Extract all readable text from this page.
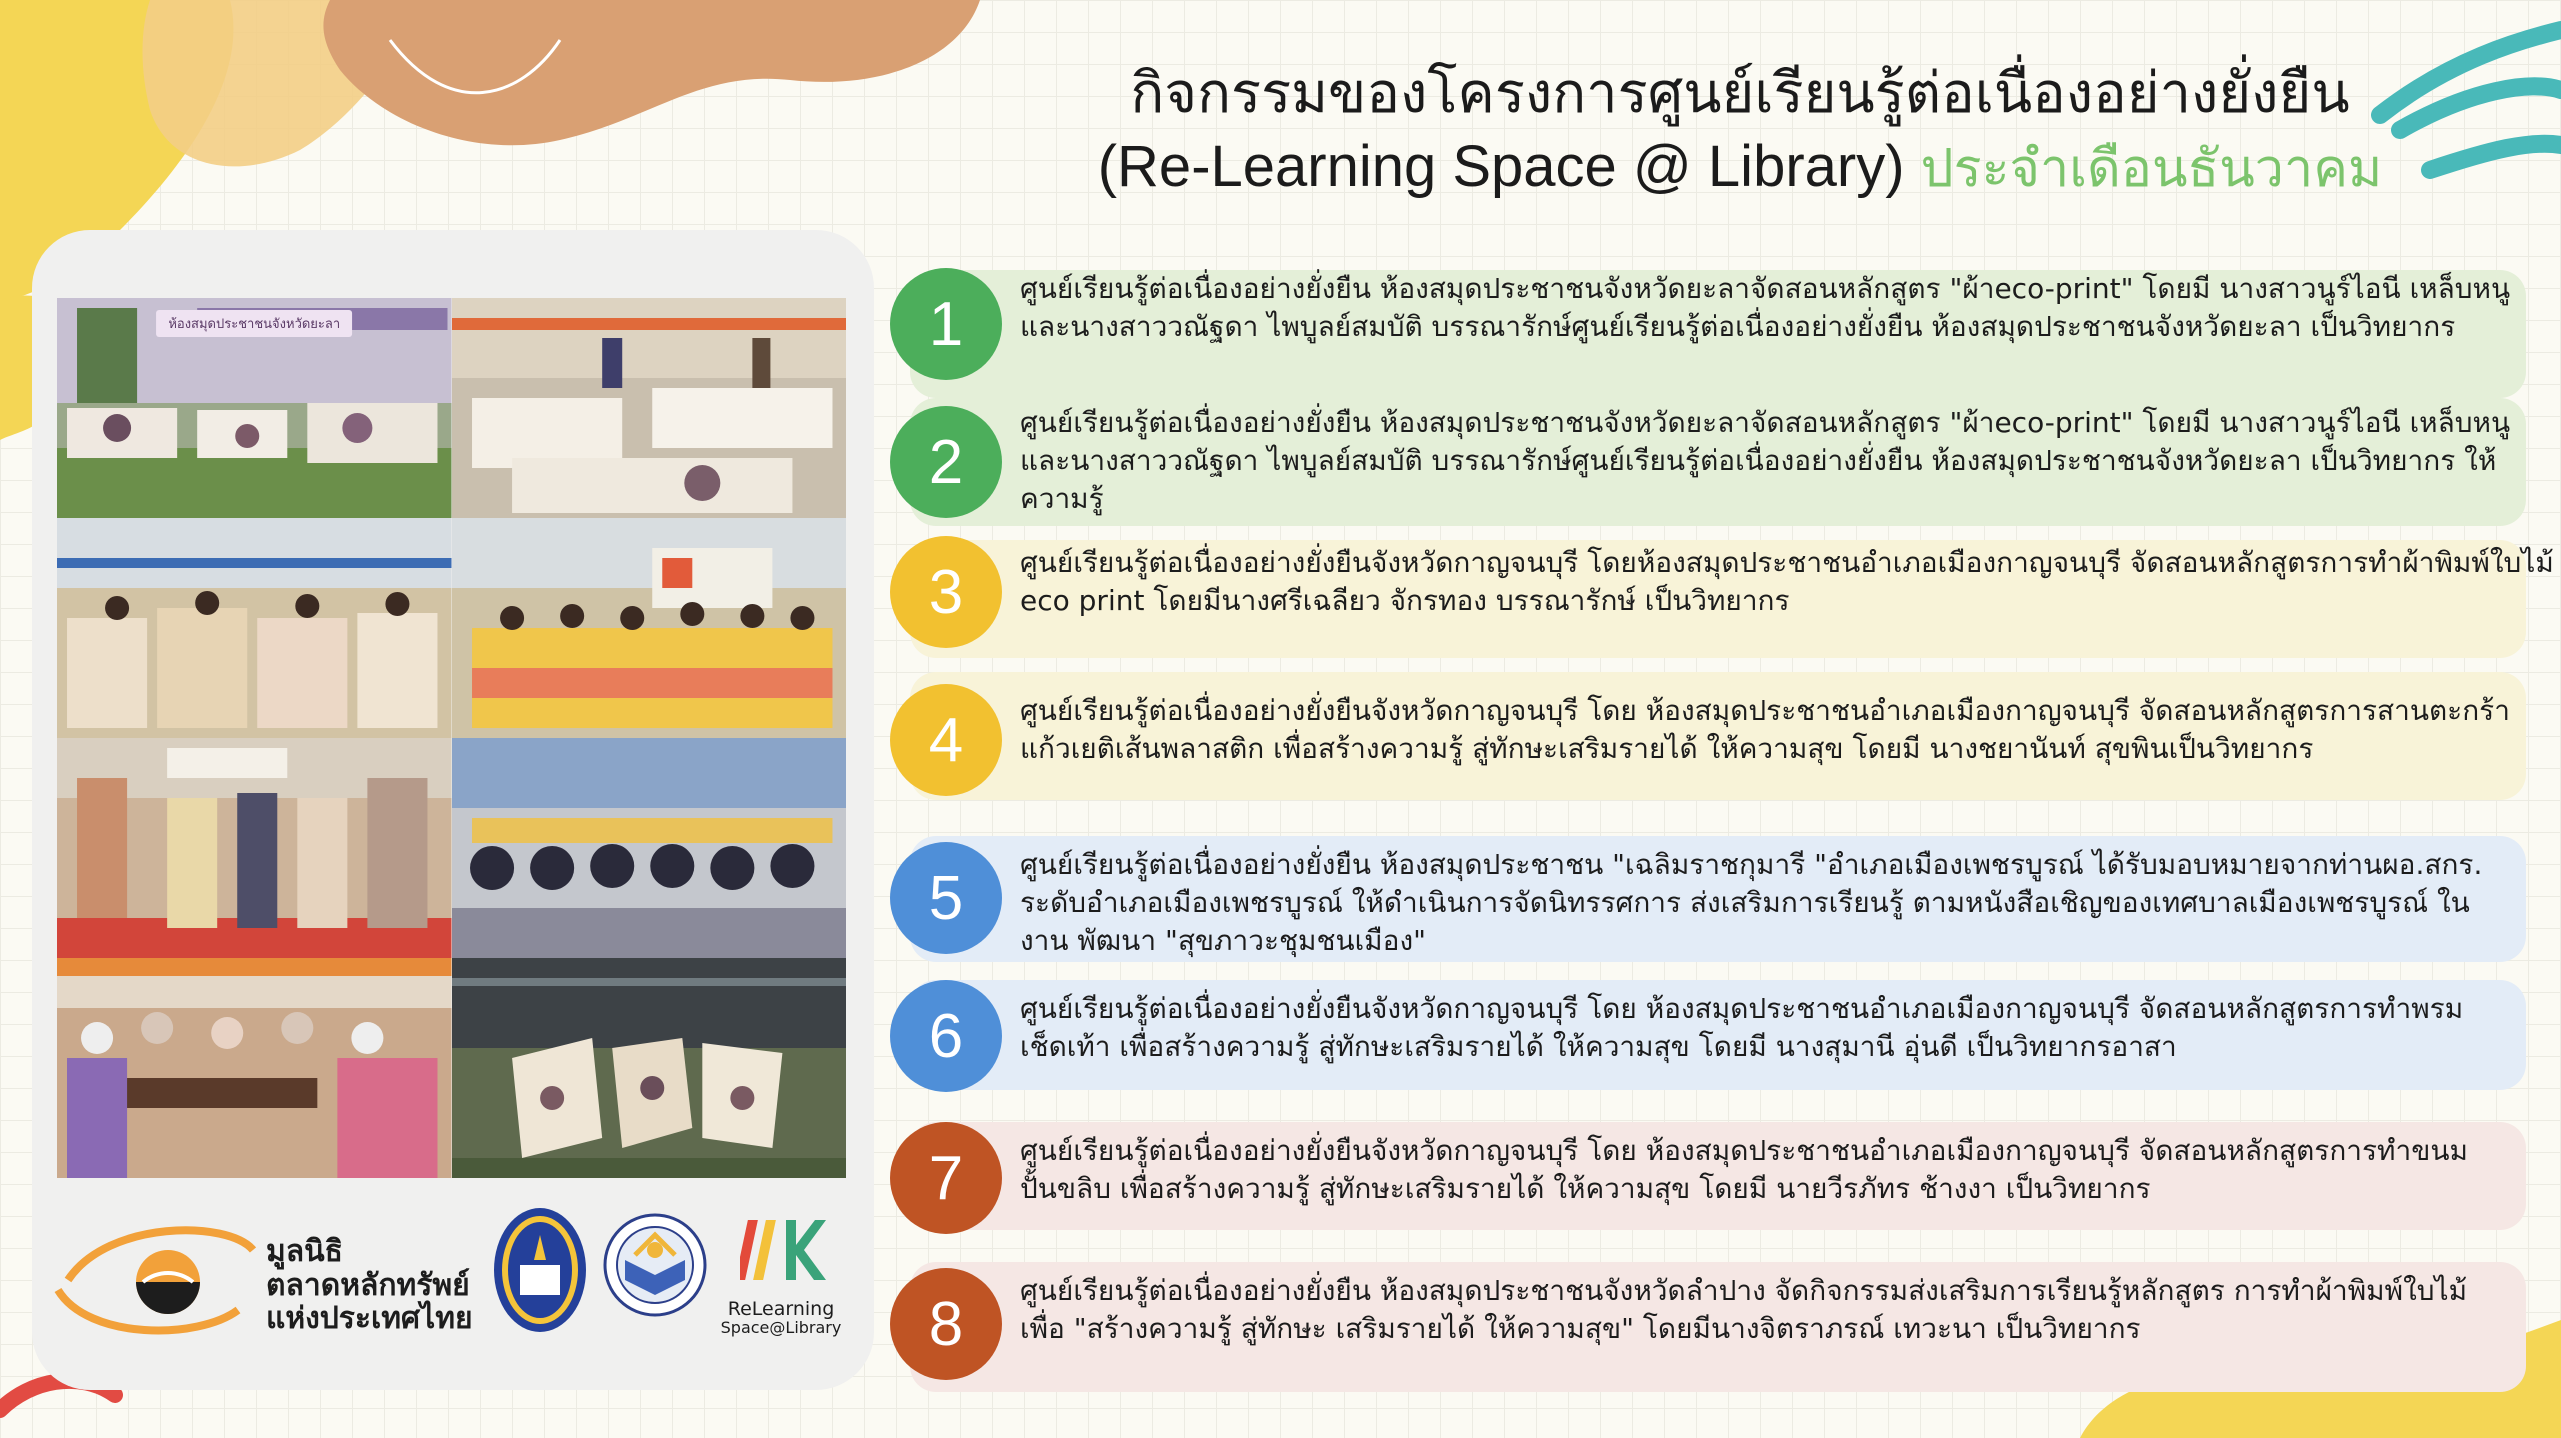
กิจกรรมของโครงการศูนย์เรียนรู้ต่อเนื่องอย่างยั่งยืน
(Re-Learning Space @ Library) ประจำเดือนธันวาคม
ห้องสมุดประชาชนจังหวัดยะลา
มูลนิธิ
ตลาดหลักทรัพย์
แห่งประเทศไทย	ReLearning
Space@Library
1
ศูนย์เรียนรู้ต่อเนื่องอย่างยั่งยืน ห้องสมุดประชาชนจังหวัดยะลาจัดสอนหลักสูตร "ผ้าeco-print" โดยมี นางสาวนูร์ไอนี เหล็บหนู
และนางสาววณัฐดา ไพบูลย์สมบัติ บรรณารักษ์ศูนย์เรียนรู้ต่อเนื่องอย่างยั่งยืน ห้องสมุดประชาชนจังหวัดยะลา เป็นวิทยากร
2
ศูนย์เรียนรู้ต่อเนื่องอย่างยั่งยืน ห้องสมุดประชาชนจังหวัดยะลาจัดสอนหลักสูตร "ผ้าeco-print" โดยมี นางสาวนูร์ไอนี เหล็บหนู
และนางสาววณัฐดา ไพบูลย์สมบัติ บรรณารักษ์ศูนย์เรียนรู้ต่อเนื่องอย่างยั่งยืน ห้องสมุดประชาชนจังหวัดยะลา เป็นวิทยากร ให้
ความรู้
3	ศูนย์เรียนรู้ต่อเนื่องอย่างยั่งยืนจังหวัดกาญจนบุรี โดยห้องสมุดประชาชนอำเภอเมืองกาญจนบุรี จัดสอนหลักสูตรการทำผ้าพิมพ์ใบไม้
eco print โดยมีนางศรีเฉลียว จักรทอง บรรณารักษ์ เป็นวิทยากร
4	ศูนย์เรียนรู้ต่อเนื่องอย่างยั่งยืนจังหวัดกาญจนบุรี โดย ห้องสมุดประชาชนอำเภอเมืองกาญจนบุรี จัดสอนหลักสูตรการสานตะกร้า
แก้วเยติเส้นพลาสติก เพื่อสร้างความรู้ สู่ทักษะเสริมรายได้ ให้ความสุข โดยมี นางชยานันท์ สุขพินเป็นวิทยากร
5	ศูนย์เรียนรู้ต่อเนื่องอย่างยั่งยืน ห้องสมุดประชาชน "เฉลิมราชกุมารี "อำเภอเมืองเพชรบูรณ์ ได้รับมอบหมายจากท่านผอ.สกร.
ระดับอำเภอเมืองเพชรบูรณ์ ให้ดำเนินการจัดนิทรรศการ ส่งเสริมการเรียนรู้ ตามหนังสือเชิญของเทศบาลเมืองเพชรบูรณ์ ใน
งาน พัฒนา "สุขภาวะชุมชนเมือง"
6	ศูนย์เรียนรู้ต่อเนื่องอย่างยั่งยืนจังหวัดกาญจนบุรี โดย ห้องสมุดประชาชนอำเภอเมืองกาญจนบุรี จัดสอนหลักสูตรการทำพรม
เช็ดเท้า เพื่อสร้างความรู้ สู่ทักษะเสริมรายได้ ให้ความสุข โดยมี นางสุมานี อุ่นดี เป็นวิทยากรอาสา
7	ศูนย์เรียนรู้ต่อเนื่องอย่างยั่งยืนจังหวัดกาญจนบุรี โดย ห้องสมุดประชาชนอำเภอเมืองกาญจนบุรี จัดสอนหลักสูตรการทำขนม
ปั้นขลิบ เพื่อสร้างความรู้ สู่ทักษะเสริมรายได้ ให้ความสุข โดยมี นายวีรภัทร ช้างงา เป็นวิทยากร
8	ศูนย์เรียนรู้ต่อเนื่องอย่างยั่งยืน ห้องสมุดประชาชนจังหวัดลำปาง จัดกิจกรรมส่งเสริมการเรียนรู้หลักสูตร การทำผ้าพิมพ์ใบไม้
เพื่อ "สร้างความรู้ สู่ทักษะ เสริมรายได้ ให้ความสุข" โดยมีนางจิตราภรณ์ เทวะนา เป็นวิทยากร
